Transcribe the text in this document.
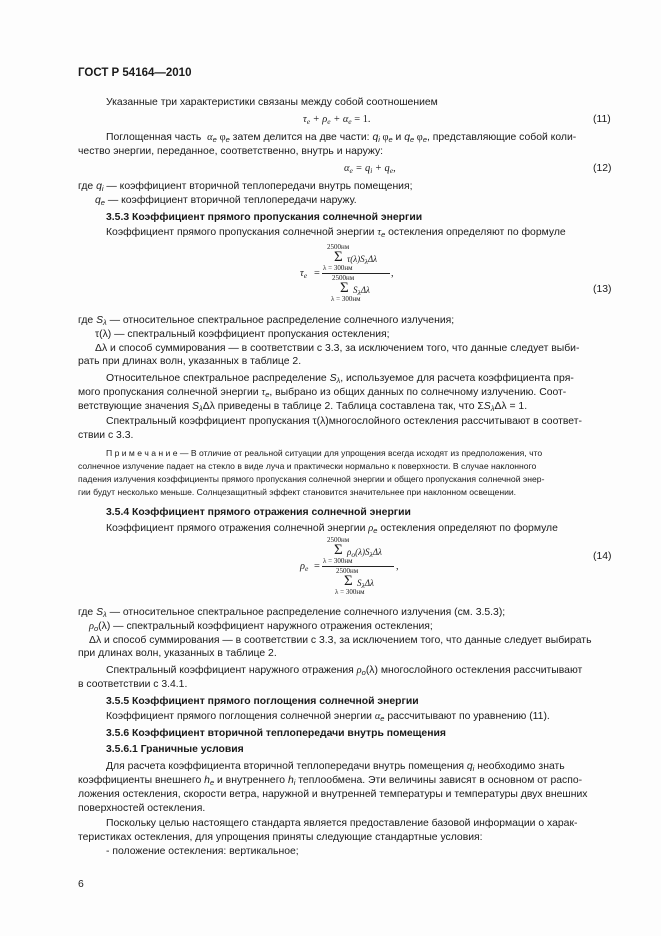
ГОСТ Р 54164—2010
Указанные три характеристики связаны между собой соотношением
$\tau_e + \rho_e + \alpha_e = 1$.	(11)
Поглощенная часть $\alpha_e$ $\varphi_e$ затем делится на две части: $q_i$ $\varphi_e$ и $q_e$ $\varphi_e$, представляющие собой коли-
чество энергии, переданное, соответственно, внутрь и наружу:
$\alpha_e = q_i + q_e$,	(12)
где $q_i$ — коэффициент вторичной теплопередачи внутрь помещения;
$q_e$ — коэффициент вторичной теплопередачи наружу.
3.5.3 Коэффициент прямого пропускания солнечной энергии
Коэффициент прямого пропускания солнечной энергии $\tau_e$ остекления определяют по формуле
$\tau_e$ =
2500нм
Σ $\tau(\lambda)S_\lambda\Delta\lambda$
λ = 300нм
2500нм
Σ $S_\lambda\Delta\lambda$
λ = 300нм
,
(13)
где $S_\lambda$ — относительное спектральное распределение солнечного излучения;
τ(λ) — спектральный коэффициент пропускания остекления;
Δλ и способ суммирования — в соответствии с 3.3, за исключением того, что данные следует выби-
рать при длинах волн, указанных в таблице 2.
Относительное спектральное распределение $S_\lambda$, используемое для расчета коэффициента пря-
мого пропускания солнечной энергии $\tau_e$, выбрано из общих данных по солнечному излучению. Соот-
ветствующие значения $S_\lambda\Delta\lambda$ приведены в таблице 2. Таблица составлена так, что $\Sigma S_\lambda\Delta\lambda = 1$.
Спектральный коэффициент пропускания τ(λ)многослойного остекления рассчитывают в соответ-
ствии с 3.3.
П р и м е ч а н и е — В отличие от реальной ситуации для упрощения всегда исходят из предположения, что
солнечное излучение падает на стекло в виде луча и практически нормально к поверхности. В случае наклонного
падения излучения коэффициенты прямого пропускания солнечной энергии и общего пропускания солнечной энер-
гии будут несколько меньше. Солнцезащитный эффект становится значительнее при наклонном освещении.
3.5.4 Коэффициент прямого отражения солнечной энергии
Коэффициент прямого отражения солнечной энергии $\rho_e$ остекления определяют по формуле
$\rho_e$ =
2500нм
Σ $\rho_o(\lambda)S_\lambda\Delta\lambda$
λ = 300нм
2500нм
Σ $S_\lambda\Delta\lambda$
λ = 300нм
,
(14)
где $S_\lambda$ — относительное спектральное распределение солнечного излучения (см. 3.5.3);
$\rho_o(\lambda)$ — спектральный коэффициент наружного отражения остекления;
Δλ и способ суммирования — в соответствии с 3.3, за исключением того, что данные следует выбирать
при длинах волн, указанных в таблице 2.
Спектральный коэффициент наружного отражения $\rho_o(\lambda)$ многослойного остекления рассчитывают
в соответствии с 3.4.1.
3.5.5 Коэффициент прямого поглощения солнечной энергии
Коэффициент прямого поглощения солнечной энергии $\alpha_e$ рассчитывают по уравнению (11).
3.5.6 Коэффициент вторичной теплопередачи внутрь помещения
3.5.6.1 Граничные условия
Для расчета коэффициента вторичной теплопередачи внутрь помещения $q_i$ необходимо знать
коэффициенты внешнего $h_e$ и внутреннего $h_i$ теплообмена. Эти величины зависят в основном от распо-
ложения остекления, скорости ветра, наружной и внутренней температуры и температуры двух внешних
поверхностей остекления.
Поскольку целью настоящего стандарта является предоставление базовой информации о харак-
теристиках остекления, для упрощения приняты следующие стандартные условия:
- положение остекления: вертикальное;
6
